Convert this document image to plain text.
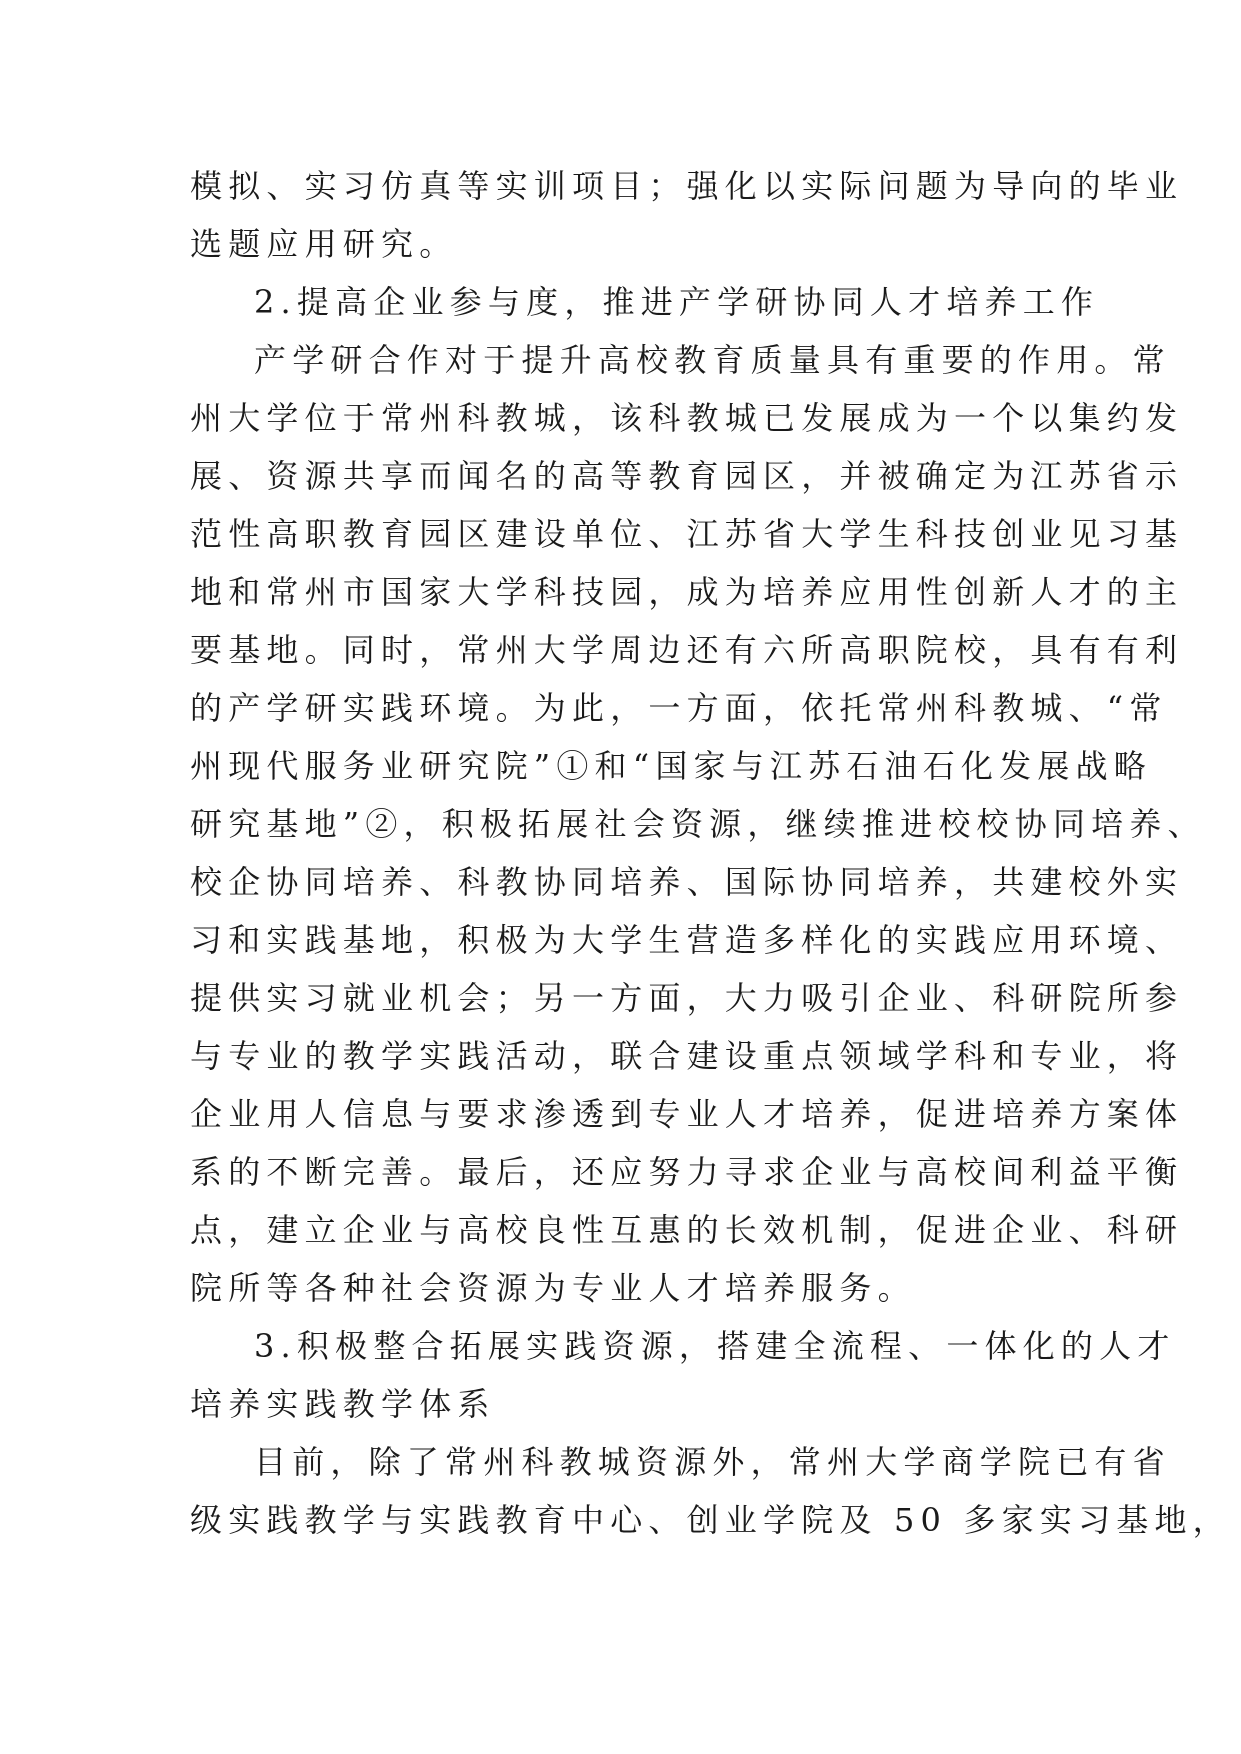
模拟、实习仿真等实训项目；强化以实际问题为导向的毕业
选题应用研究。
2.提高企业参与度，推进产学研协同人才培养工作
产学研合作对于提升高校教育质量具有重要的作用。常
州大学位于常州科教城，该科教城已发展成为一个以集约发
展、资源共享而闻名的高等教育园区，并被确定为江苏省示
范性高职教育园区建设单位、江苏省大学生科技创业见习基
地和常州市国家大学科技园，成为培养应用性创新人才的主
要基地。同时，常州大学周边还有六所高职院校，具有有利
的产学研实践环境。为此，一方面，依托常州科教城、“常
州现代服务业研究院”①和“国家与江苏石油石化发展战略
研究基地”②，积极拓展社会资源，继续推进校校协同培养、
校企协同培养、科教协同培养、国际协同培养，共建校外实
习和实践基地，积极为大学生营造多样化的实践应用环境、
提供实习就业机会；另一方面，大力吸引企业、科研院所参
与专业的教学实践活动，联合建设重点领域学科和专业，将
企业用人信息与要求渗透到专业人才培养，促进培养方案体
系的不断完善。最后，还应努力寻求企业与高校间利益平衡
点，建立企业与高校良性互惠的长效机制，促进企业、科研
院所等各种社会资源为专业人才培养服务。
3.积极整合拓展实践资源，搭建全流程、一体化的人才
培养实践教学体系
目前，除了常州科教城资源外，常州大学商学院已有省
级实践教学与实践教育中心、创业学院及 50 多家实习基地，
